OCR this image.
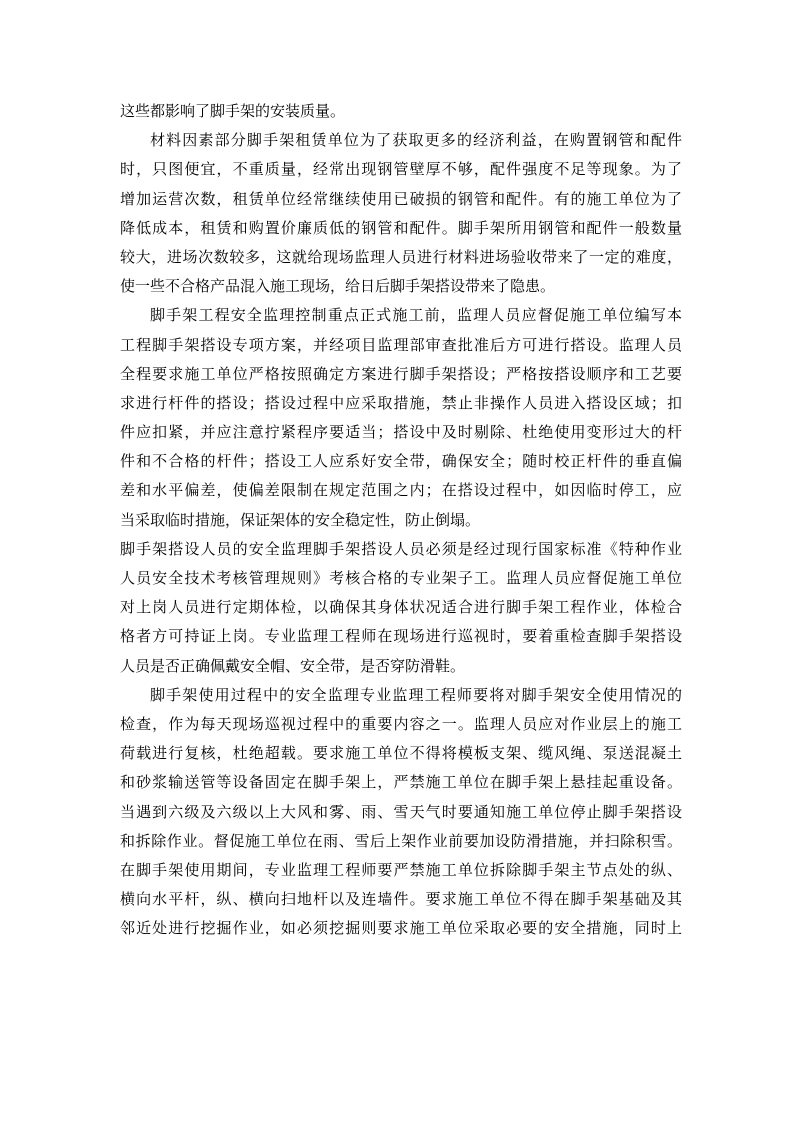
这些都影响了脚手架的安装质量。
材料因素部分脚手架租赁单位为了获取更多的经济利益，在购置钢管和配件
时，只图便宜，不重质量，经常出现钢管壁厚不够，配件强度不足等现象。为了
增加运营次数，租赁单位经常继续使用已破损的钢管和配件。有的施工单位为了
降低成本，租赁和购置价廉质低的钢管和配件。脚手架所用钢管和配件一般数量
较大，进场次数较多，这就给现场监理人员进行材料进场验收带来了一定的难度，
使一些不合格产品混入施工现场，给日后脚手架搭设带来了隐患。
脚手架工程安全监理控制重点正式施工前，监理人员应督促施工单位编写本
工程脚手架搭设专项方案，并经项目监理部审查批准后方可进行搭设。监理人员
全程要求施工单位严格按照确定方案进行脚手架搭设；严格按搭设顺序和工艺要
求进行杆件的搭设；搭设过程中应采取措施，禁止非操作人员进入搭设区域；扣
件应扣紧，并应注意拧紧程序要适当；搭设中及时剔除、杜绝使用变形过大的杆
件和不合格的杆件；搭设工人应系好安全带，确保安全；随时校正杆件的垂直偏
差和水平偏差，使偏差限制在规定范围之内；在搭设过程中，如因临时停工，应
当采取临时措施，保证架体的安全稳定性，防止倒塌。
脚手架搭设人员的安全监理脚手架搭设人员必须是经过现行国家标准《特种作业
人员安全技术考核管理规则》考核合格的专业架子工。监理人员应督促施工单位
对上岗人员进行定期体检，以确保其身体状况适合进行脚手架工程作业，体检合
格者方可持证上岗。专业监理工程师在现场进行巡视时，要着重检查脚手架搭设
人员是否正确佩戴安全帽、安全带，是否穿防滑鞋。
脚手架使用过程中的安全监理专业监理工程师要将对脚手架安全使用情况的
检查，作为每天现场巡视过程中的重要内容之一。监理人员应对作业层上的施工
荷载进行复核，杜绝超载。要求施工单位不得将模板支架、缆风绳、泵送混凝土
和砂浆输送管等设备固定在脚手架上，严禁施工单位在脚手架上悬挂起重设备。
当遇到六级及六级以上大风和雾、雨、雪天气时要通知施工单位停止脚手架搭设
和拆除作业。督促施工单位在雨、雪后上架作业前要加设防滑措施，并扫除积雪。
在脚手架使用期间，专业监理工程师要严禁施工单位拆除脚手架主节点处的纵、
横向水平杆，纵、横向扫地杆以及连墙件。要求施工单位不得在脚手架基础及其
邻近处进行挖掘作业，如必须挖掘则要求施工单位采取必要的安全措施，同时上
